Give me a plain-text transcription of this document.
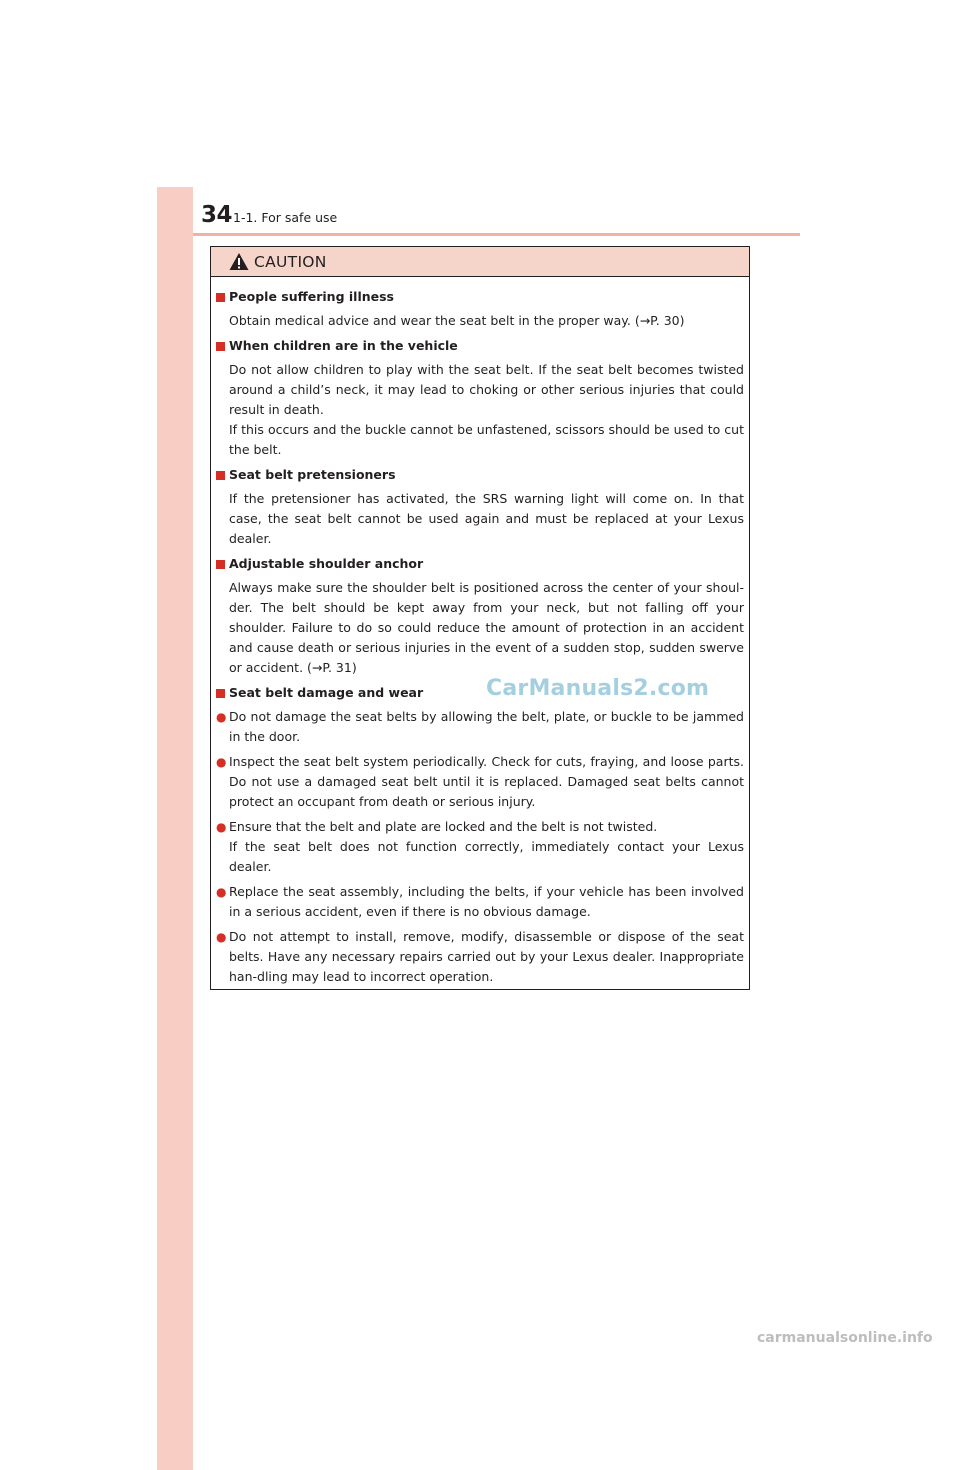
34 1-1. For safe use
CAUTION
People suffering illness
Obtain medical advice and wear the seat belt in the proper way. (→P. 30)
When children are in the vehicle
Do not allow children to play with the seat belt. If the seat belt becomes twisted around a child’s neck, it may lead to choking or other serious injuries that could result in death.
If this occurs and the buckle cannot be unfastened, scissors should be used to cut the belt.
Seat belt pretensioners
If the pretensioner has activated, the SRS warning light will come on. In that case, the seat belt cannot be used again and must be replaced at your Lexus dealer.
Adjustable shoulder anchor
Always make sure the shoulder belt is positioned across the center of your shoul-der. The belt should be kept away from your neck, but not falling off your shoulder. Failure to do so could reduce the amount of protection in an accident and cause death or serious injuries in the event of a sudden stop, sudden swerve or accident. (→P. 31)
Seat belt damage and wear
● Do not damage the seat belts by allowing the belt, plate, or buckle to be jammed in the door.
● Inspect the seat belt system periodically. Check for cuts, fraying, and loose parts. Do not use a damaged seat belt until it is replaced. Damaged seat belts cannot protect an occupant from death or serious injury.
● Ensure that the belt and plate are locked and the belt is not twisted.
If the seat belt does not function correctly, immediately contact your Lexus dealer.
● Replace the seat assembly, including the belts, if your vehicle has been involved in a serious accident, even if there is no obvious damage.
● Do not attempt to install, remove, modify, disassemble or dispose of the seat belts. Have any necessary repairs carried out by your Lexus dealer. Inappropriate han-dling may lead to incorrect operation.
CarManuals2.com
carmanualsonline.info
